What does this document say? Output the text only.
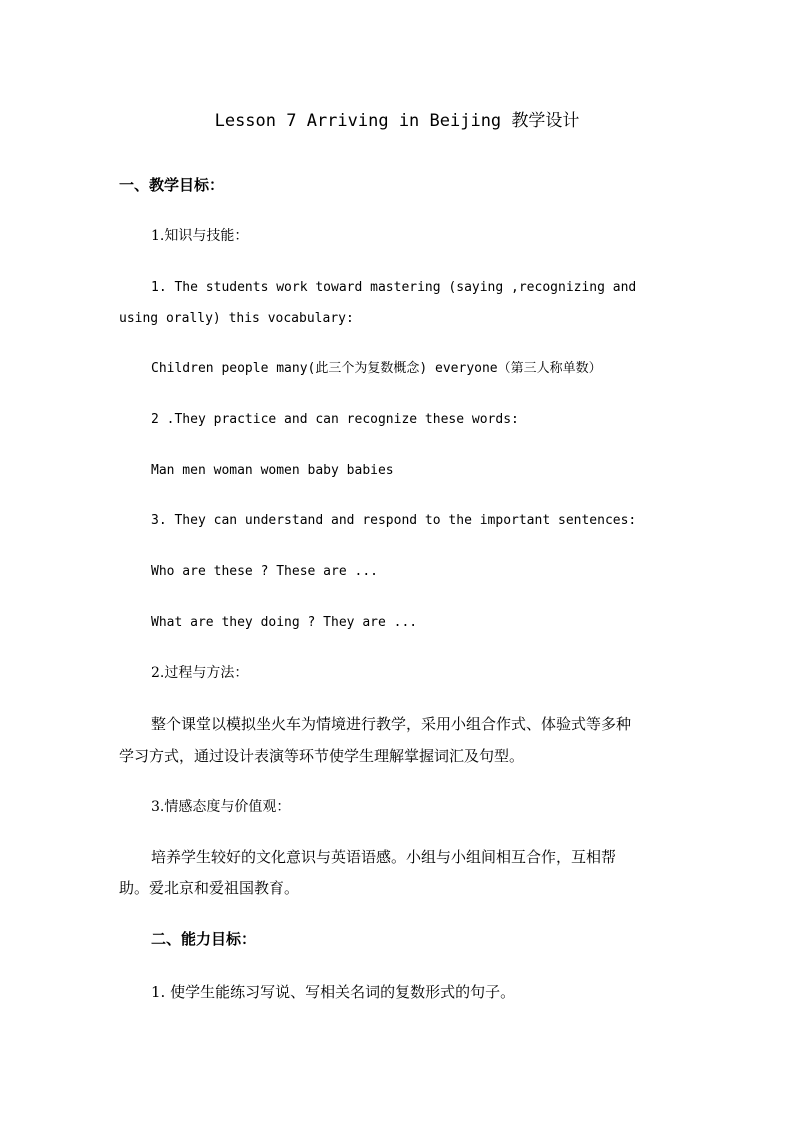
Lesson 7 Arriving in Beijing 教学设计
一、教学目标：
1.知识与技能：
1. The students work toward mastering (saying ,recognizing and
using orally) this vocabulary:
Children people many(此三个为复数概念) everyone（第三人称单数）
2 .They practice and can recognize these words:
Man men woman women baby babies
3. They can understand and respond to the important sentences:
Who are these ? These are ...
What are they doing ? They are ...
2.过程与方法：
整个课堂以模拟坐火车为情境进行教学，采用小组合作式、体验式等多种
学习方式，通过设计表演等环节使学生理解掌握词汇及句型。
3.情感态度与价值观：
培养学生较好的文化意识与英语语感。小组与小组间相互合作，互相帮
助。爱北京和爱祖国教育。
二、能力目标：
1. 使学生能练习写说、写相关名词的复数形式的句子。
